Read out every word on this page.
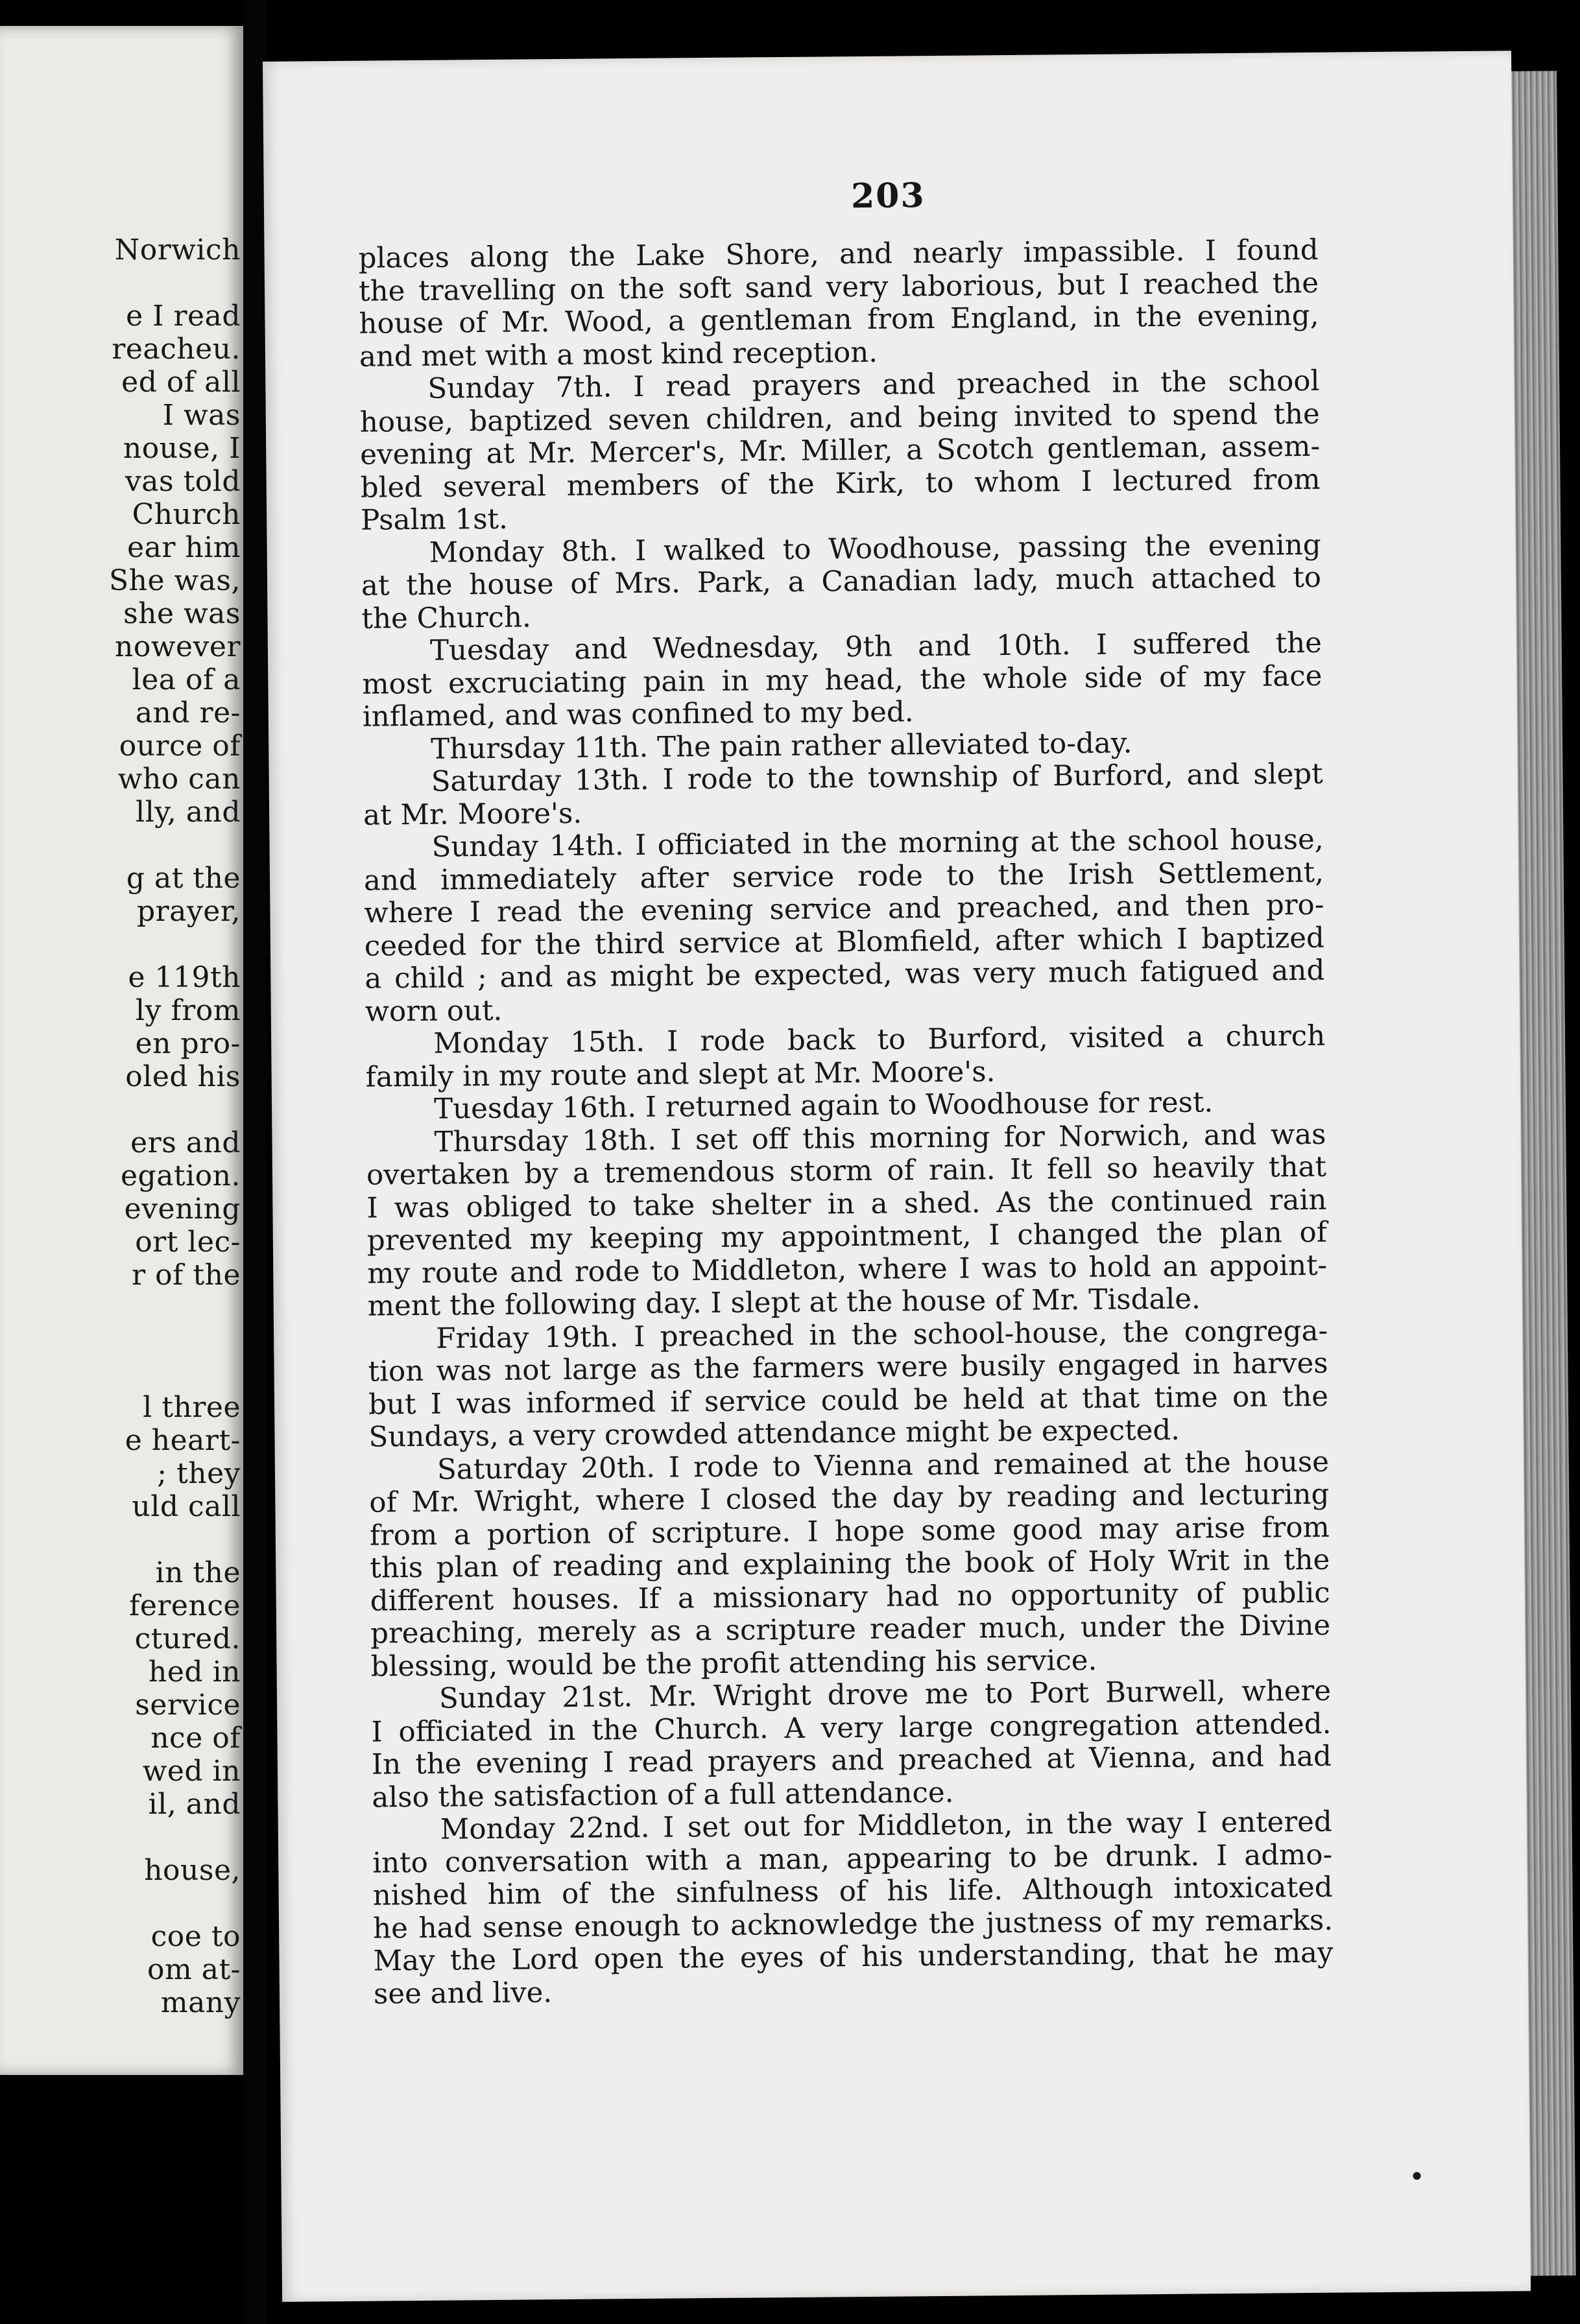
Norwich
e I read
reacheu.
ed of all
I was
nouse, I
vas told
Church
ear him
She was,
she was
nowever
lea of a
and re-
ource of
who can
lly, and
g at the
prayer,
e 119th
ly from
en pro-
oled his
ers and
egation.
evening
ort lec-
r of the
l three
e heart-
; they
uld call
in the
ference
ctured.
hed in
service
nce of
wed in
il, and
house,
coe to
om at-
many
203
places along the Lake Shore, and nearly impassible. I found
the travelling on the soft sand very laborious, but I reached the
house of Mr. Wood, a gentleman from England, in the evening,
and met with a most kind reception.
Sunday 7th. I read prayers and preached in the school
house, baptized seven children, and being invited to spend the
evening at Mr. Mercer's, Mr. Miller, a Scotch gentleman, assem-
bled several members of the Kirk, to whom I lectured from
Psalm 1st.
Monday 8th. I walked to Woodhouse, passing the evening
at the house of Mrs. Park, a Canadian lady, much attached to
the Church.
Tuesday and Wednesday, 9th and 10th. I suffered the
most excruciating pain in my head, the whole side of my face
inflamed, and was confined to my bed.
Thursday 11th. The pain rather alleviated to-day.
Saturday 13th. I rode to the township of Burford, and slept
at Mr. Moore's.
Sunday 14th. I officiated in the morning at the school house,
and immediately after service rode to the Irish Settlement,
where I read the evening service and preached, and then pro-
ceeded for the third service at Blomfield, after which I baptized
a child ; and as might be expected, was very much fatigued and
worn out.
Monday 15th. I rode back to Burford, visited a church
family in my route and slept at Mr. Moore's.
Tuesday 16th. I returned again to Woodhouse for rest.
Thursday 18th. I set off this morning for Norwich, and was
overtaken by a tremendous storm of rain. It fell so heavily that
I was obliged to take shelter in a shed. As the continued rain
prevented my keeping my appointment, I changed the plan of
my route and rode to Middleton, where I was to hold an appoint-
ment the following day. I slept at the house of Mr. Tisdale.
Friday 19th. I preached in the school-house, the congrega-
tion was not large as the farmers were busily engaged in harves
but I was informed if service could be held at that time on the
Sundays, a very crowded attendance might be expected.
Saturday 20th. I rode to Vienna and remained at the house
of Mr. Wright, where I closed the day by reading and lecturing
from a portion of scripture. I hope some good may arise from
this plan of reading and explaining the book of Holy Writ in the
different houses. If a missionary had no opportunity of public
preaching, merely as a scripture reader much, under the Divine
blessing, would be the profit attending his service.
Sunday 21st. Mr. Wright drove me to Port Burwell, where
I officiated in the Church. A very large congregation attended.
In the evening I read prayers and preached at Vienna, and had
also the satisfaction of a full attendance.
Monday 22nd. I set out for Middleton, in the way I entered
into conversation with a man, appearing to be drunk. I admo-
nished him of the sinfulness of his life. Although intoxicated
he had sense enough to acknowledge the justness of my remarks.
May the Lord open the eyes of his understanding, that he may
see and live.
